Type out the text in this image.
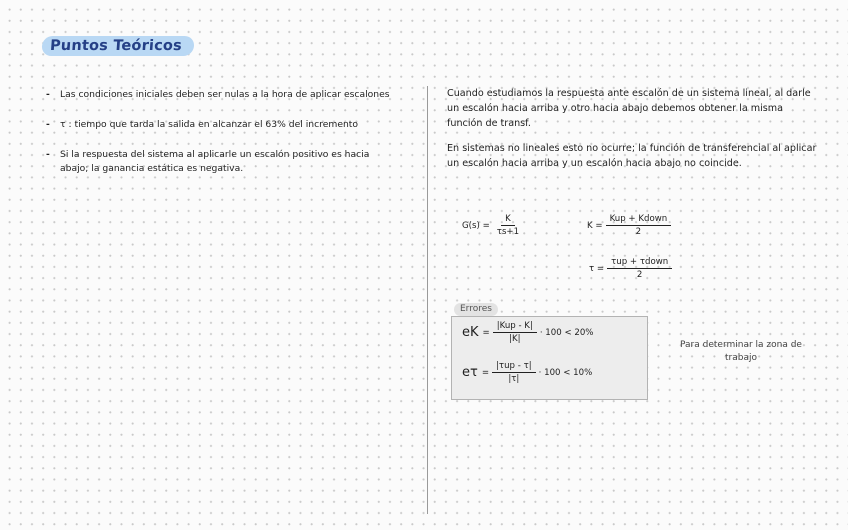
Puntos Teóricos
-	Las condiciones iniciales deben ser nulas a la hora de aplicar escalones
-	τ : tiempo que tarda la salida en alcanzar el 63% del incremento
-	Si la respuesta del sistema al aplicarle un escalón positivo es hacia abajo; la ganancia estática es negativa.

Cuando estudiamos la respuesta ante escalón de un sistema lineal, al darle un escalón hacia arriba y otro hacia abajo debemos obtener la misma función de transf.

En sistemas no lineales esto no ocurre; la función de transferencial al aplicar un escalón hacia arriba y un escalón hacia abajo no coincide.

$G(s) = \frac{K}{\tau s+1}$	$K = \frac{\text{Kup + Kdown}}{2}$
$\tau = \frac{\text{τup + τdown}}{2}$
Errores
eK = $\frac{\text{|Kup - K|}}{|K|} \cdot 100 < 20\%$
$e\tau = \frac{\text{|τup - τ|}}{|\tau|} \cdot 100 < 10\%$
Para determinar la zona de trabajo
